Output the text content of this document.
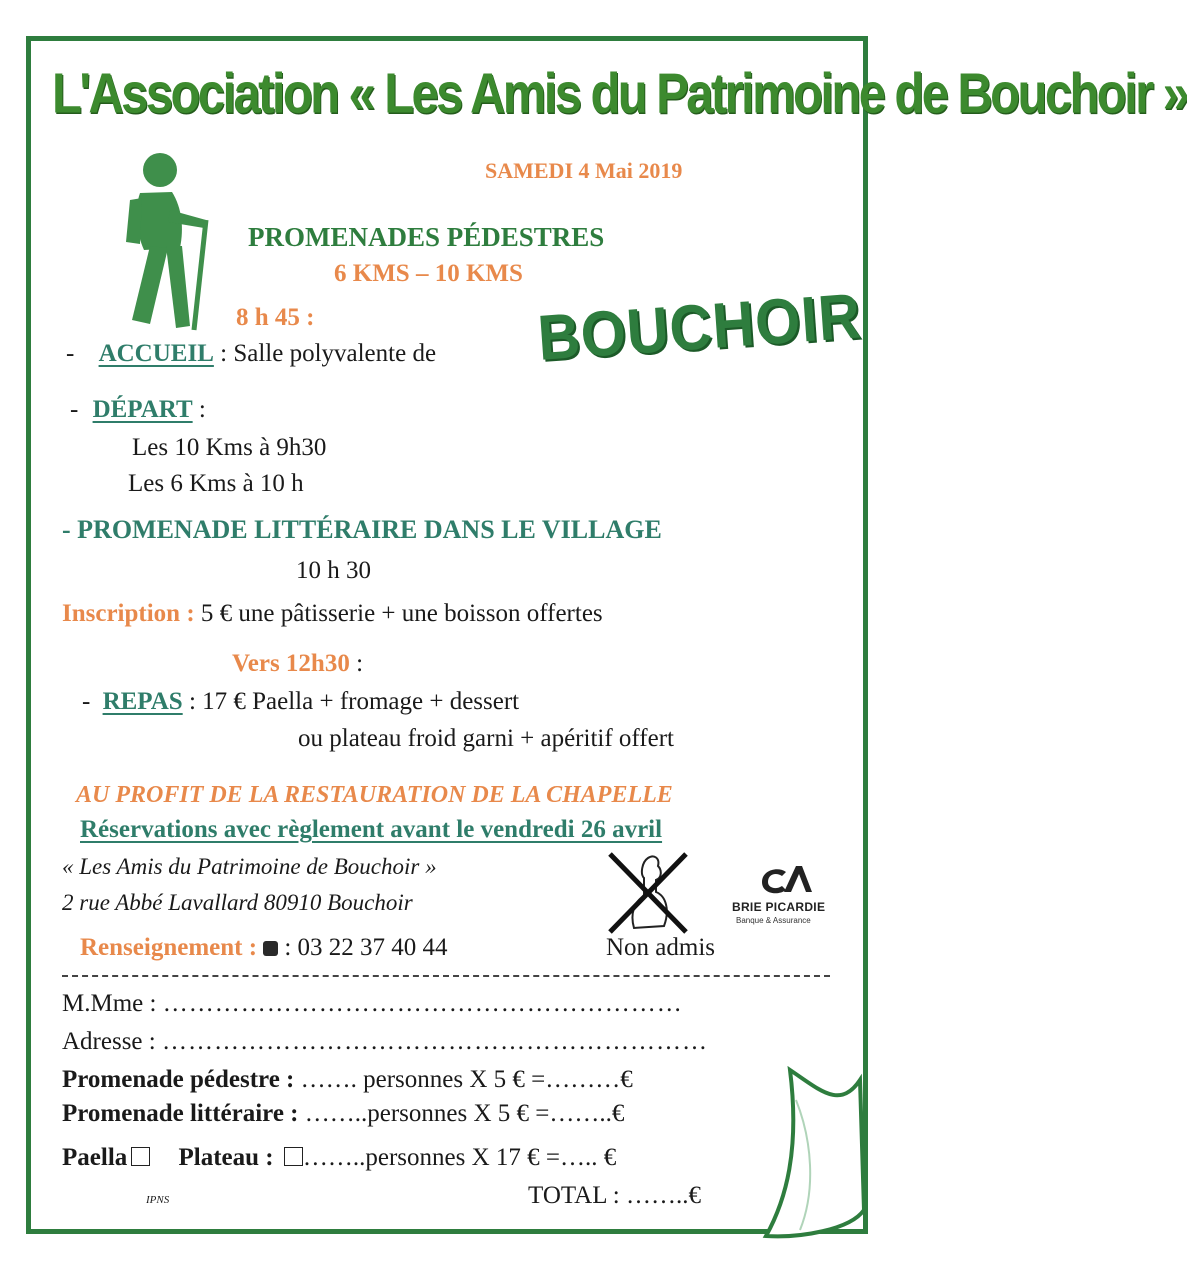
L'Association « Les Amis du Patrimoine de Bouchoir »
SAMEDI 4 Mai 2019
PROMENADES PÉDESTRES
6 KMS – 10 KMS
8 h 45 :	BOUCHOIR
- ACCUEIL : Salle polyvalente de
- DÉPART :
Les 10 Kms à 9h30
Les 6 Kms à 10 h
- PROMENADE LITTÉRAIRE DANS LE VILLAGE
10 h 30
Inscription : 5 € une pâtisserie + une boisson offertes
Vers 12h30 :
- REPAS : 17 € Paella + fromage + dessert
ou plateau froid garni + apéritif offert
AU PROFIT DE LA RESTAURATION DE LA CHAPELLE
Réservations avec règlement avant le vendredi 26 avril
« Les Amis du Patrimoine de Bouchoir »
2 rue Abbé Lavallard 80910 Bouchoir	BRIE PICARDIE
Banque & Assurance
Renseignement : : 03 22 37 40 44	Non admis
M.Mme : ……………………………………………………
Adresse : ………………………………………………………
Promenade pédestre : ……. personnes X 5 € =………€
Promenade littéraire : ……..personnes X 5 € =……..€
Paella Plateau : ……..personnes X 17 € =….. €
TOTAL : ……..€
IPNS
